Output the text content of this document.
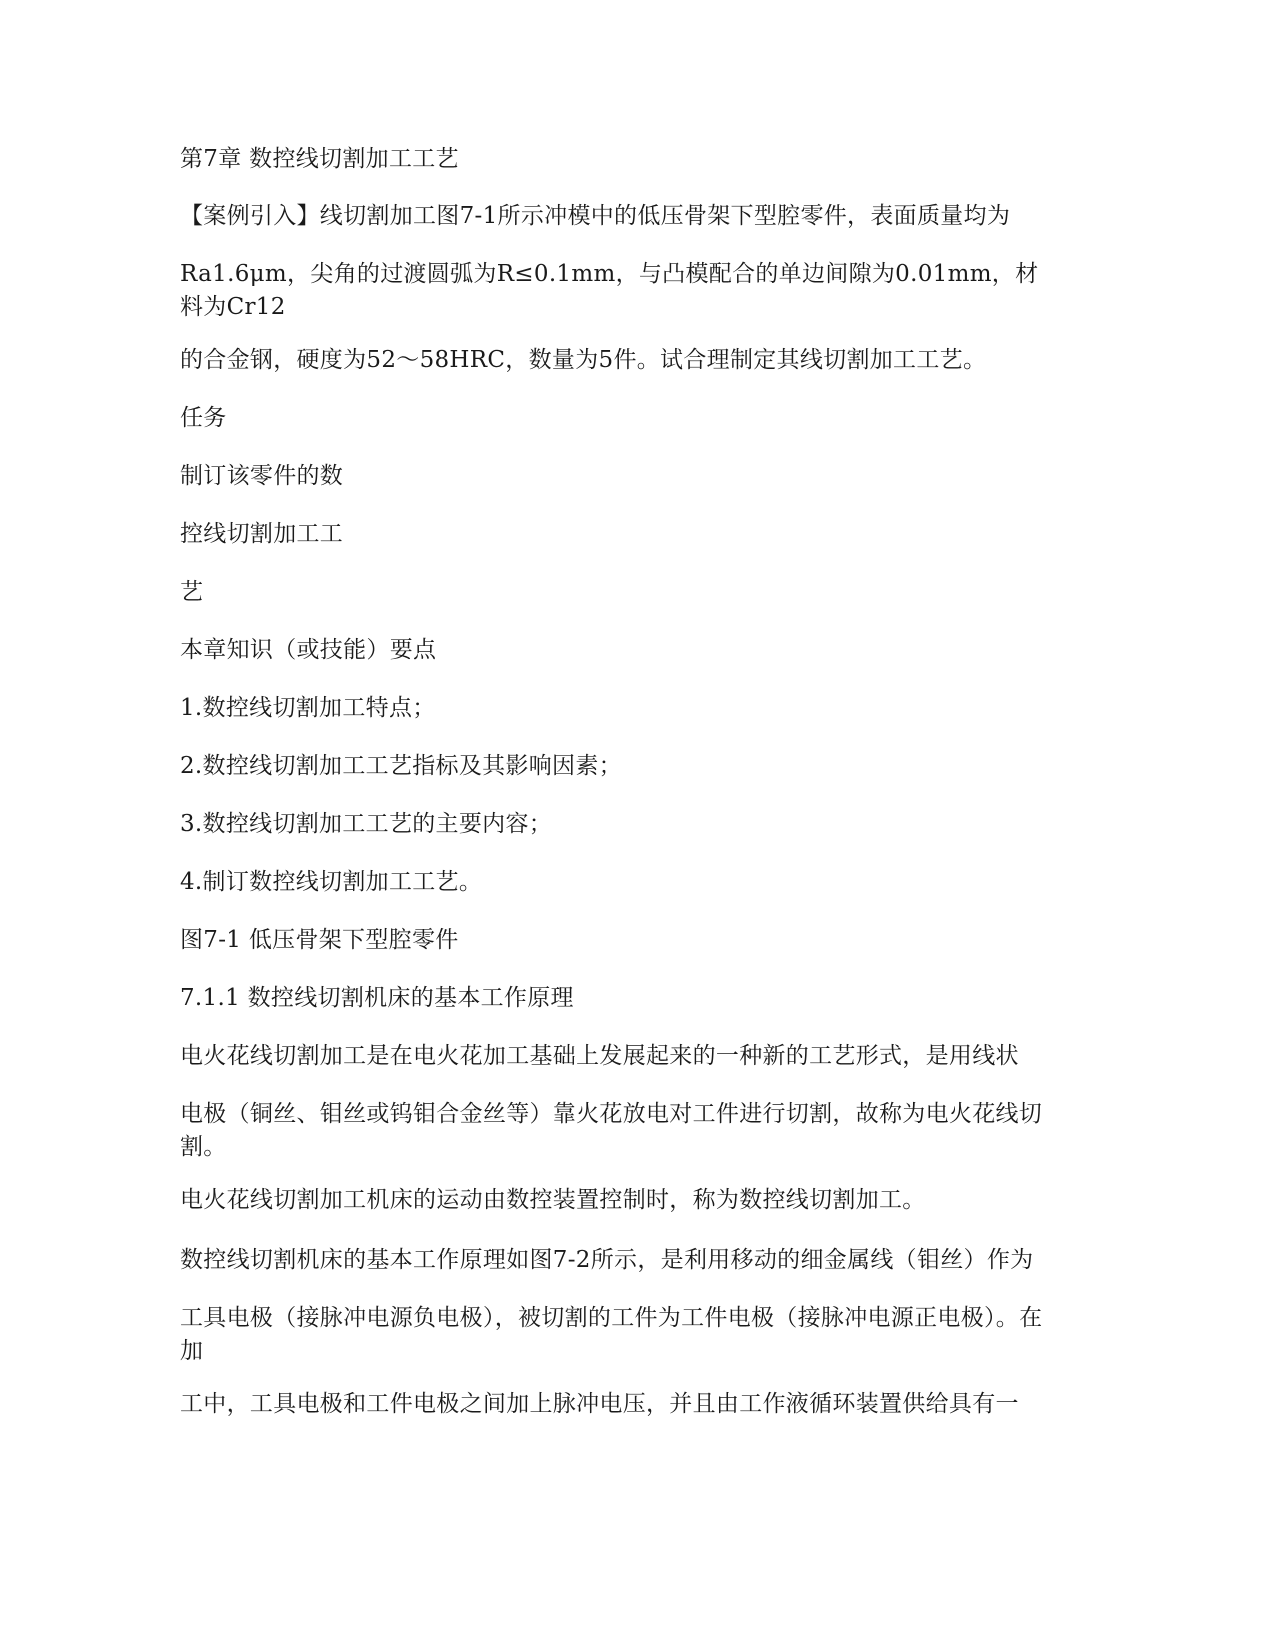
第7章 数控线切割加工工艺
【案例引入】线切割加工图7-1所示冲模中的低压骨架下型腔零件，表面质量均为
Ra1.6μm，尖角的过渡圆弧为R≤0.1mm，与凸模配合的单边间隙为0.01mm，材料为Cr12
的合金钢，硬度为52～58HRC，数量为5件。试合理制定其线切割加工工艺。
任务
制订该零件的数
控线切割加工工
艺
本章知识（或技能）要点
1.数控线切割加工特点；
2.数控线切割加工工艺指标及其影响因素；
3.数控线切割加工工艺的主要内容；
4.制订数控线切割加工工艺。
图7-1 低压骨架下型腔零件
7.1.1 数控线切割机床的基本工作原理
电火花线切割加工是在电火花加工基础上发展起来的一种新的工艺形式，是用线状
电极（铜丝、钼丝或钨钼合金丝等）靠火花放电对工件进行切割，故称为电火花线切割。
电火花线切割加工机床的运动由数控装置控制时，称为数控线切割加工。
数控线切割机床的基本工作原理如图7-2所示，是利用移动的细金属线（钼丝）作为
工具电极（接脉冲电源负电极），被切割的工件为工件电极（接脉冲电源正电极）。在加
工中，工具电极和工件电极之间加上脉冲电压，并且由工作液循环装置供给具有一
